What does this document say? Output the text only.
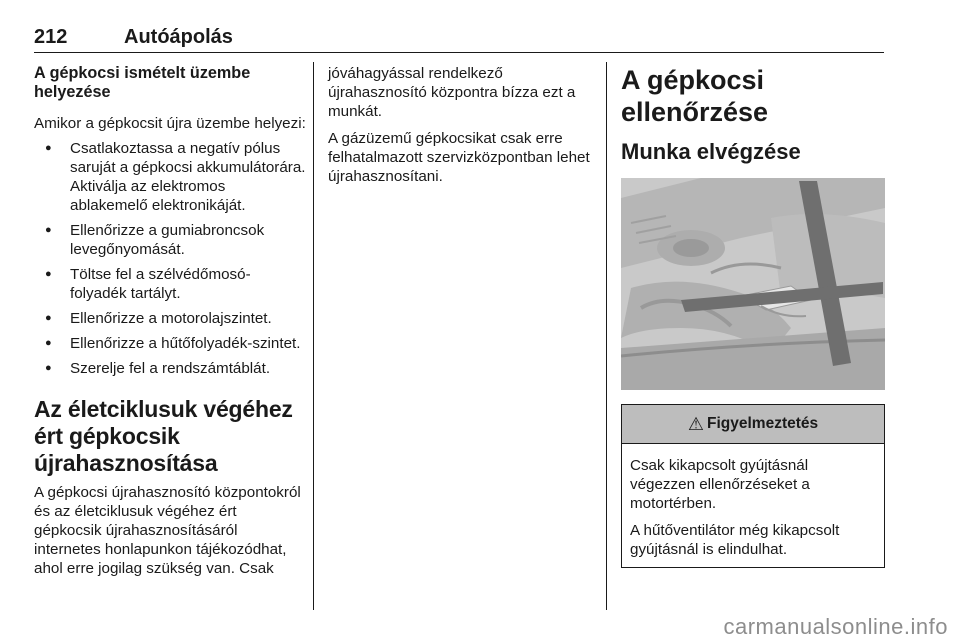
212	Autóápolás
A gépkocsi ismételt üzembe helyezése

Amikor a gépkocsit újra üzembe helyezi:

● Csatlakoztassa a negatív pólus saruját a gépkocsi akkumulátorára. Aktiválja az elektromos ablakemelő elektronikáját.
● Ellenőrizze a gumiabroncsok levegőnyomását.
● Töltse fel a szélvédőmosó-folyadék tartályt.
● Ellenőrizze a motorolajszintet.
● Ellenőrizze a hűtőfolyadék-szintet.
● Szerelje fel a rendszámtáblát.
Az életciklusuk végéhez ért gépkocsik újrahasznosítása

A gépkocsi újrahasznosító központokról és az életciklusuk végéhez ért gépkocsik újrahasznosításáról internetes honlapunkon tájékozódhat, ahol erre jogilag szükség van. Csak

jóváhagyással rendelkező újrahasznosító központra bízza ezt a munkát.

A gázüzemű gépkocsikat csak erre felhatalmazott szervizközpontban lehet újrahasznosítani.

A gépkocsi ellenőrzése
Munka elvégzése
⚠ Figyelmeztetés

Csak kikapcsolt gyújtásnál végezzen ellenőrzéseket a motortérben.

A hűtőventilátor még kikapcsolt gyújtásnál is elindulhat.

carmanualsonline.info
